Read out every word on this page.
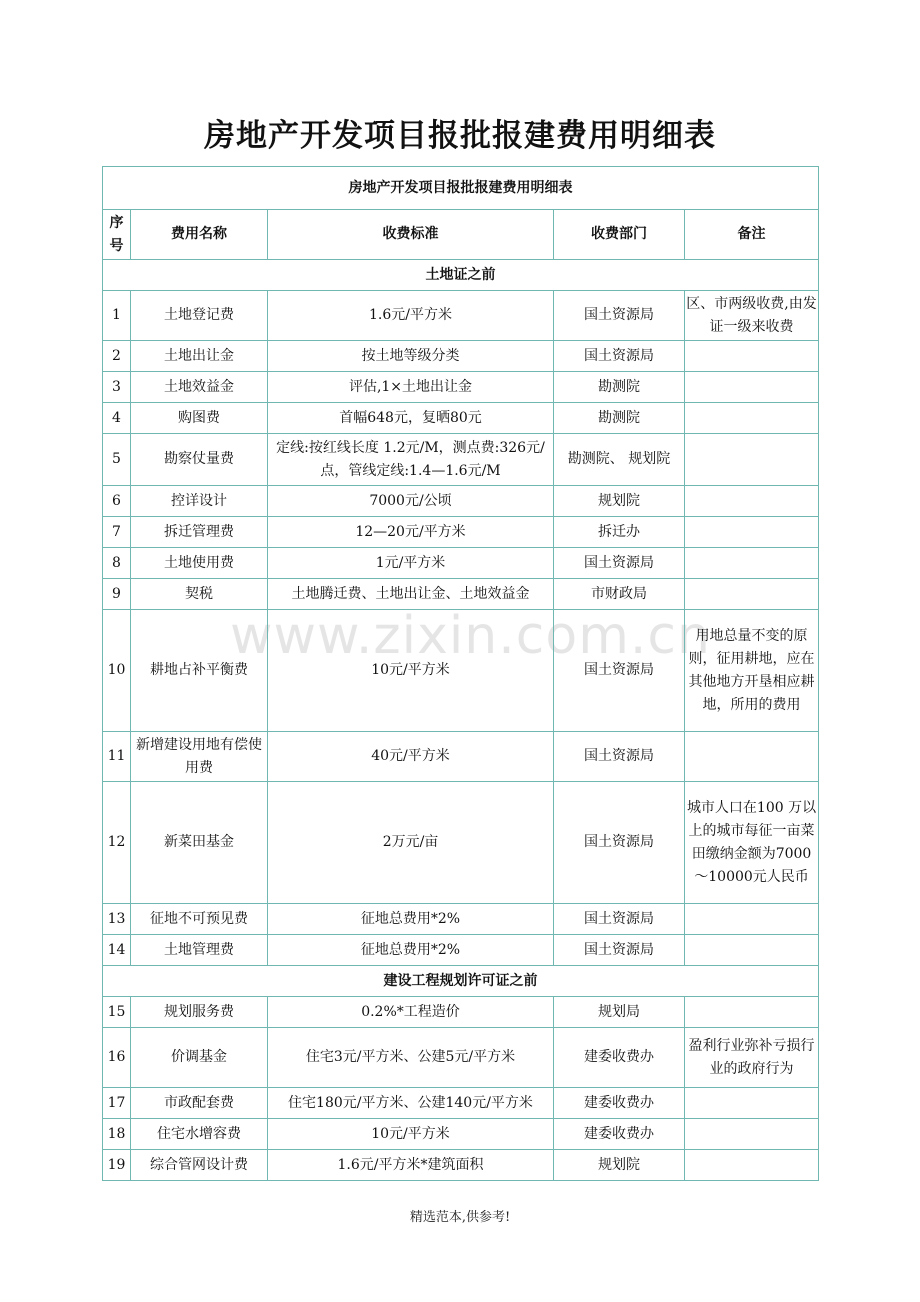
房地产开发项目报批报建费用明细表
www.zixin.com.cn
房地产开发项目报批报建费用明细表				
序号	费用名称	收费标准	收费部门	备注
土地证之前				
1	土地登记费	1.6元/平方米	国土资源局	区、市两级收费,由发证一级来收费
2	土地出让金	按土地等级分类	国土资源局	
3	土地效益金	评估,1×土地出让金	勘测院	
4	购图费	首幅648元，复晒80元	勘测院	
5	勘察仗量费	定线:按红线长度 1.2元/M，测点费:326元/点，管线定线:1.4—1.6元/M	勘测院、 规划院	
6	控详设计	7000元/公顷	规划院	
7	拆迁管理费	12—20元/平方米	拆迁办	
8	土地使用费	1元/平方米	国土资源局	
9	契税	土地腾迁费、土地出让金、土地效益金	市财政局	
10	耕地占补平衡费	10元/平方米	国土资源局	用地总量不变的原则，征用耕地，应在其他地方开垦相应耕地，所用的费用
11	新增建设用地有偿使用费	40元/平方米	国土资源局	
12	新菜田基金	2万元/亩	国土资源局	城市人口在100 万以上的城市每征一亩菜田缴纳金额为7000～10000元人民币
13	征地不可预见费	征地总费用*2%	国土资源局	
14	土地管理费	征地总费用*2%	国土资源局	
建设工程规划许可证之前				
15	规划服务费	0.2%*工程造价	规划局	
16	价调基金	住宅3元/平方米、公建5元/平方米	建委收费办	盈利行业弥补亏损行业的政府行为
17	市政配套费	住宅180元/平方米、公建140元/平方米	建委收费办	
18	住宅水增容费	10元/平方米	建委收费办	
19	综合管网设计费	1.6元/平方米*建筑面积	规划院	
精选范本,供参考!
